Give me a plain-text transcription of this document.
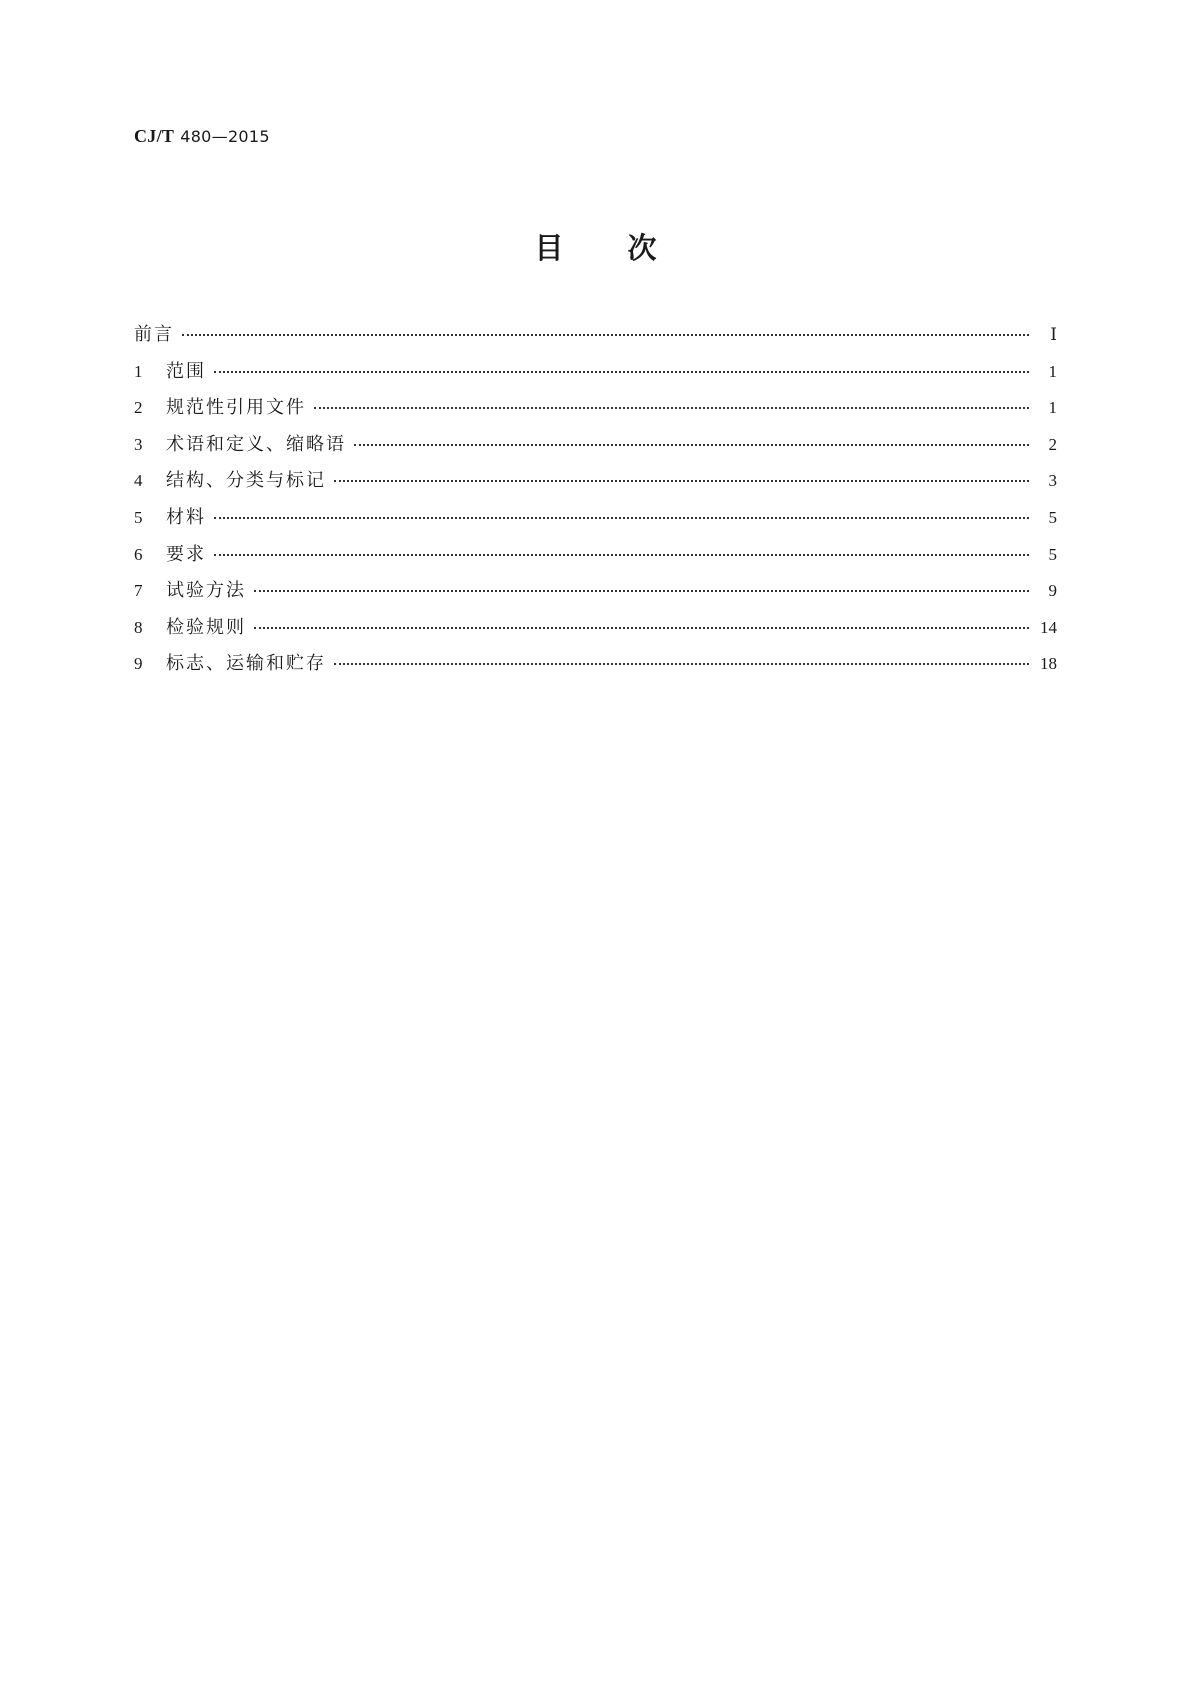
CJ/T 480—2015
目次
前言	Ⅰ
1	范围	1
2	规范性引用文件	1
3	术语和定义、缩略语	2
4	结构、分类与标记	3
5	材料	5
6	要求	5
7	试验方法	9
8	检验规则	14
9	标志、运输和贮存	18
